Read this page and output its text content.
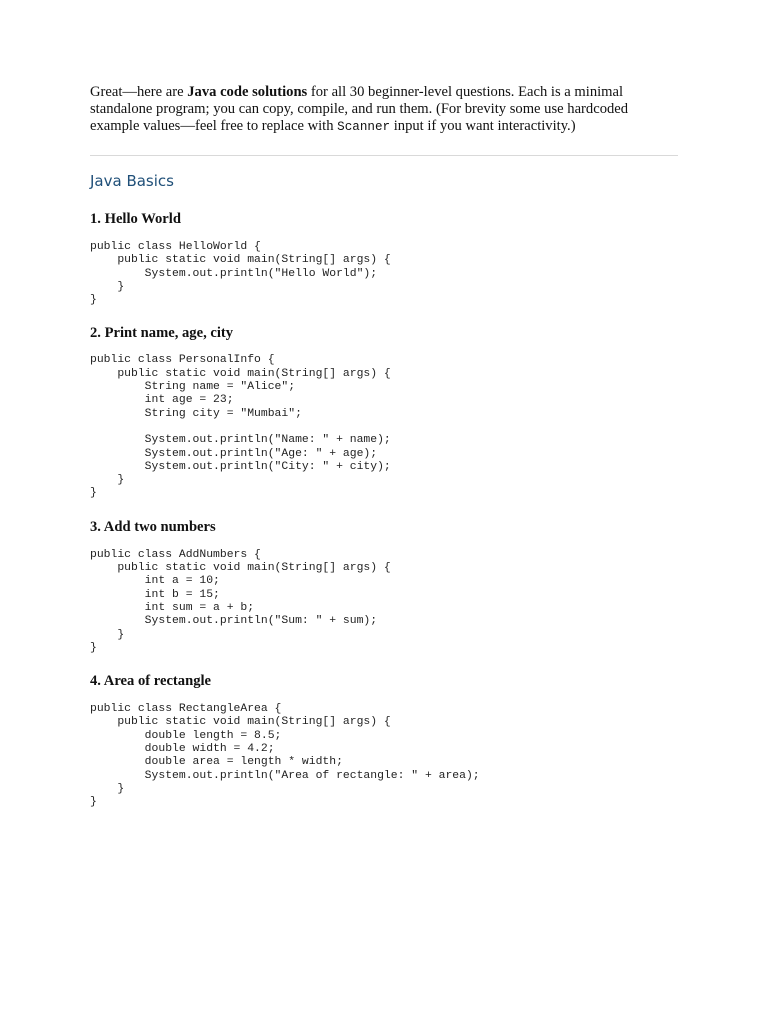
Great—here are Java code solutions for all 30 beginner-level questions. Each is a minimal standalone program; you can copy, compile, and run them. (For brevity some use hardcoded example values—feel free to replace with Scanner input if you want interactivity.)

Java Basics
1. Hello World
public class HelloWorld {
public static void main(String[] args) {
System.out.println("Hello World");
}
}
2. Print name, age, city
public class PersonalInfo {
public static void main(String[] args) {
String name = "Alice";
int age = 23;
String city = "Mumbai";

System.out.println("Name: " + name);
System.out.println("Age: " + age);
System.out.println("City: " + city);
}
}
3. Add two numbers
public class AddNumbers {
public static void main(String[] args) {
int a = 10;
int b = 15;
int sum = a + b;
System.out.println("Sum: " + sum);
}
}
4. Area of rectangle
public class RectangleArea {
public static void main(String[] args) {
double length = 8.5;
double width = 4.2;
double area = length * width;
System.out.println("Area of rectangle: " + area);
}
}
